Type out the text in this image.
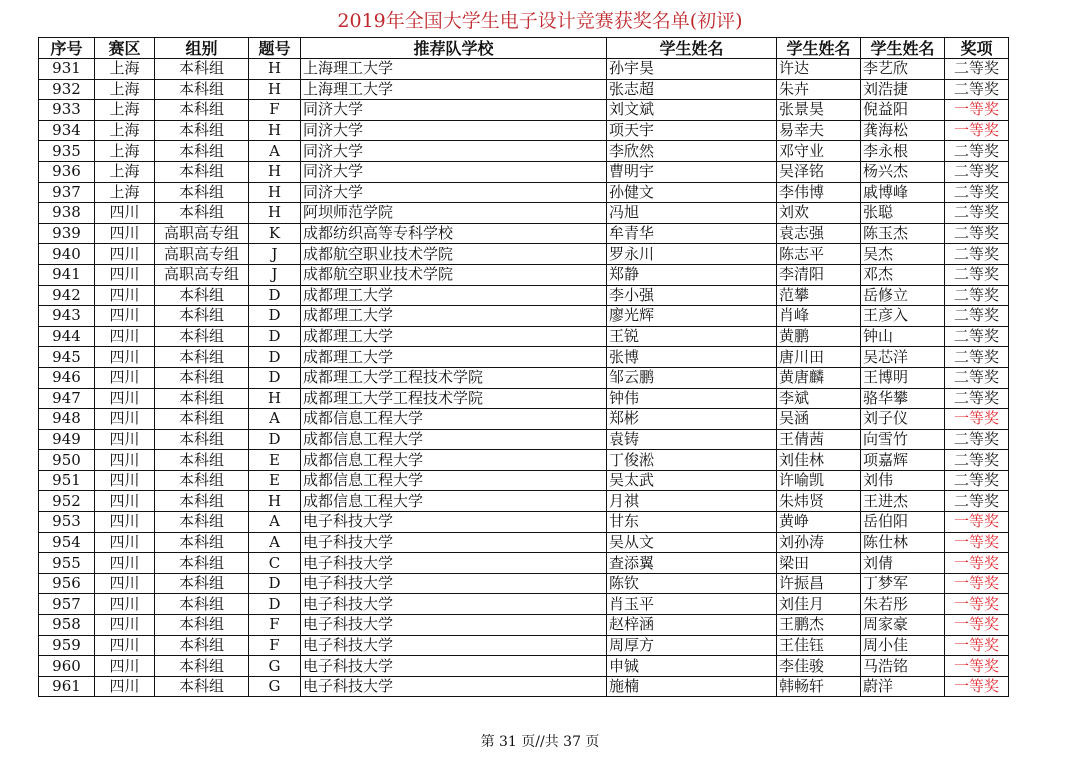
2019年全国大学生电子设计竞赛获奖名单(初评)
序号	赛区	组别	题号	推荐队学校	学生姓名	学生姓名	学生姓名	奖项
931	上海	本科组	H	上海理工大学	孙宇昊	许达	李艺欣	二等奖
932	上海	本科组	H	上海理工大学	张志超	朱卉	刘浩捷	二等奖
933	上海	本科组	F	同济大学	刘文斌	张景昊	倪益阳	一等奖
934	上海	本科组	H	同济大学	项天宇	易幸夫	龚海松	一等奖
935	上海	本科组	A	同济大学	李欣然	邓守业	李永根	二等奖
936	上海	本科组	H	同济大学	曹明宇	吴泽铭	杨兴杰	二等奖
937	上海	本科组	H	同济大学	孙健文	李伟博	戚博峰	二等奖
938	四川	本科组	H	阿坝师范学院	冯旭	刘欢	张聪	二等奖
939	四川	高职高专组	K	成都纺织高等专科学校	牟青华	袁志强	陈玉杰	二等奖
940	四川	高职高专组	J	成都航空职业技术学院	罗永川	陈志平	吴杰	二等奖
941	四川	高职高专组	J	成都航空职业技术学院	郑静	李清阳	邓杰	二等奖
942	四川	本科组	D	成都理工大学	李小强	范攀	岳修立	二等奖
943	四川	本科组	D	成都理工大学	廖光辉	肖峰	王彦入	二等奖
944	四川	本科组	D	成都理工大学	王锐	黄鹏	钟山	二等奖
945	四川	本科组	D	成都理工大学	张博	唐川田	吴芯洋	二等奖
946	四川	本科组	D	成都理工大学工程技术学院	邹云鹏	黄唐麟	王博明	二等奖
947	四川	本科组	H	成都理工大学工程技术学院	钟伟	李斌	骆华攀	二等奖
948	四川	本科组	A	成都信息工程大学	郑彬	吴涵	刘子仪	一等奖
949	四川	本科组	D	成都信息工程大学	袁铸	王倩茜	向雪竹	二等奖
950	四川	本科组	E	成都信息工程大学	丁俊淞	刘佳林	项嘉辉	二等奖
951	四川	本科组	E	成都信息工程大学	吴太武	许喻凯	刘伟	二等奖
952	四川	本科组	H	成都信息工程大学	月祺	朱炜贤	王进杰	二等奖
953	四川	本科组	A	电子科技大学	甘东	黄峥	岳伯阳	一等奖
954	四川	本科组	A	电子科技大学	吴从文	刘孙涛	陈仕林	一等奖
955	四川	本科组	C	电子科技大学	查添翼	梁田	刘倩	一等奖
956	四川	本科组	D	电子科技大学	陈钦	许振昌	丁梦军	一等奖
957	四川	本科组	D	电子科技大学	肖玉平	刘佳月	朱若彤	一等奖
958	四川	本科组	F	电子科技大学	赵梓涵	王鹏杰	周家豪	一等奖
959	四川	本科组	F	电子科技大学	周厚方	王佳钰	周小佳	一等奖
960	四川	本科组	G	电子科技大学	申铖	李佳骏	马浩铭	一等奖
961	四川	本科组	G	电子科技大学	施楠	韩畅轩	蔚洋	一等奖
第 31 页//共 37 页
